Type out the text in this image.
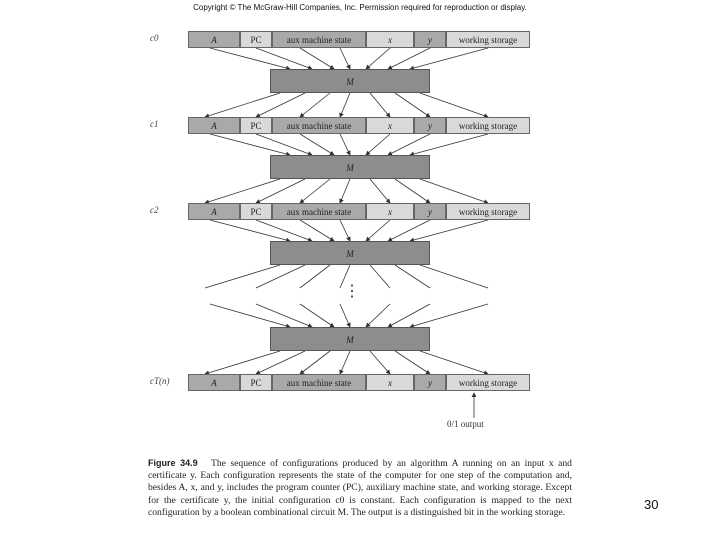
Copyright © The McGraw-Hill Companies, Inc. Permission required for reproduction or display.
c0	A	PC	aux machine state	x	y	working storage
c1	A	PC	aux machine state	x	y	working storage
c2	A	PC	aux machine state	x	y	working storage
cT(n)	A	PC	aux machine state	x	y	working storage
M
M
M
M
⋮
0/1 output
Figure 34.9 The sequence of configurations produced by an algorithm A running on an input x and certificate y. Each configuration represents the state of the computer for one step of the computation and, besides A, x, and y, includes the program counter (PC), auxiliary machine state, and working storage. Except for the certificate y, the initial configuration c0 is constant. Each configuration is mapped to the next configuration by a boolean combinational circuit M. The output is a distinguished bit in the working storage.
30
